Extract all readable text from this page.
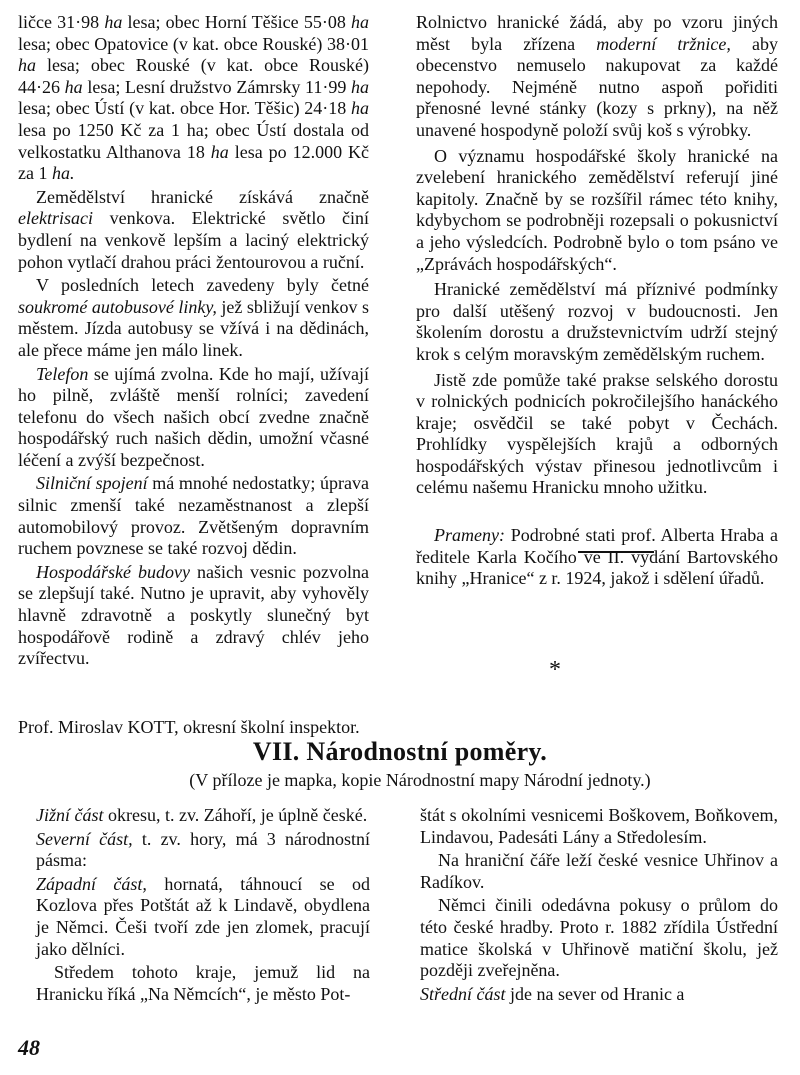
ličce 31·98 ha lesa; obec Horní Těšice 55·08 ha lesa; obec Opatovice (v kat. obce Rouské) 38·01 ha lesa; obec Rouské (v kat. obce Rouské) 44·26 ha lesa; Lesní družstvo Zámrsky 11·99 ha lesa; obec Ústí (v kat. obce Hor. Těšic) 24·18 ha lesa po 1250 Kč za 1 ha; obec Ústí dostala od velkostatku Althanova 18 ha lesa po 12.000 Kč za 1 ha.

Zemědělství hranické získává značně elektrisaci venkova. Elektrické světlo činí bydlení na venkově lepším a laciný elektrický pohon vytlačí drahou práci žentourovou a ruční.

V posledních letech zavedeny byly četné soukromé autobusové linky, jež sbližují venkov s městem. Jízda autobusy se vžívá i na dědinách, ale přece máme jen málo linek.

Telefon se ujímá zvolna. Kde ho mají, užívají ho pilně, zvláště menší rolníci; zavedení telefonu do všech našich obcí zvedne značně hospodářský ruch našich dědin, umožní včasné léčení a zvýší bezpečnost.

Silniční spojení má mnohé nedostatky; úprava silnic zmenší také nezaměstnanost a zlepší automobilový provoz. Zvětšeným dopravním ruchem povznese se také rozvoj dědin.

Hospodářské budovy našich vesnic pozvolna se zlepšují také. Nutno je upravit, aby vyhověly hlavně zdravotně a poskytly slunečný byt hospodářově rodině a zdravý chlév jeho zvířectvu.

Rolnictvo hranické žádá, aby po vzoru jiných měst byla zřízena moderní tržnice, aby obecenstvo nemuselo nakupovat za každé nepohody. Nejméně nutno aspoň pořiditi přenosné levné stánky (kozy s prkny), na něž unavené hospodyně položí svůj koš s výrobky.

O významu hospodářské školy hranické na zvelebení hranického zemědělství referují jiné kapitoly. Značně by se rozšířil rámec této knihy, kdybychom se podrobněji rozepsali o pokusnictví a jeho výsledcích. Podrobně bylo o tom psáno ve „Zprávách hospodářských“.

Hranické zemědělství má příznivé podmínky pro další utěšený rozvoj v budoucnosti. Jen školením dorostu a družstevnictvím udrží stejný krok s celým moravským zemědělským ruchem.

Jistě zde pomůže také prakse selského dorostu v rolnických podnicích pokročilejšího hanáckého kraje; osvědčil se také pobyt v Čechách. Prohlídky vyspělejších krajů a odborných hospodářských výstav přinesou jednotlivcům i celému našemu Hranicku mnoho užitku.

Prameny: Podrobné stati prof. Alberta Hraba a ředitele Karla Kočího ve II. vydání Bartovského knihy „Hranice“ z r. 1924, jakož i sdělení úřadů.

*
Prof. Miroslav KOTT, okresní školní inspektor.
VII. Národnostní poměry.
(V příloze je mapka, kopie Národnostní mapy Národní jednoty.)

Jižní část okresu, t. zv. Záhoří, je úplně české.

Severní část, t. zv. hory, má 3 národnostní pásma:

Západní část, hornatá, táhnoucí se od Kozlova přes Potštát až k Lindavě, obydlena je Němci. Češi tvoří zde jen zlomek, pracují jako dělníci.

Středem tohoto kraje, jemuž lid na Hranicku říká „Na Němcích“, je město Pot-

štát s okolními vesnicemi Boškovem, Boňkovem, Lindavou, Padesáti Lány a Středolesím.

Na hraniční čáře leží české vesnice Uhřinov a Radíkov.

Němci činili odedávna pokusy o průlom do této české hradby. Proto r. 1882 zřídila Ústřední matice školská v Uhřinově matiční školu, jež později zveřejněna.

Střední část jde na sever od Hranic a

48
